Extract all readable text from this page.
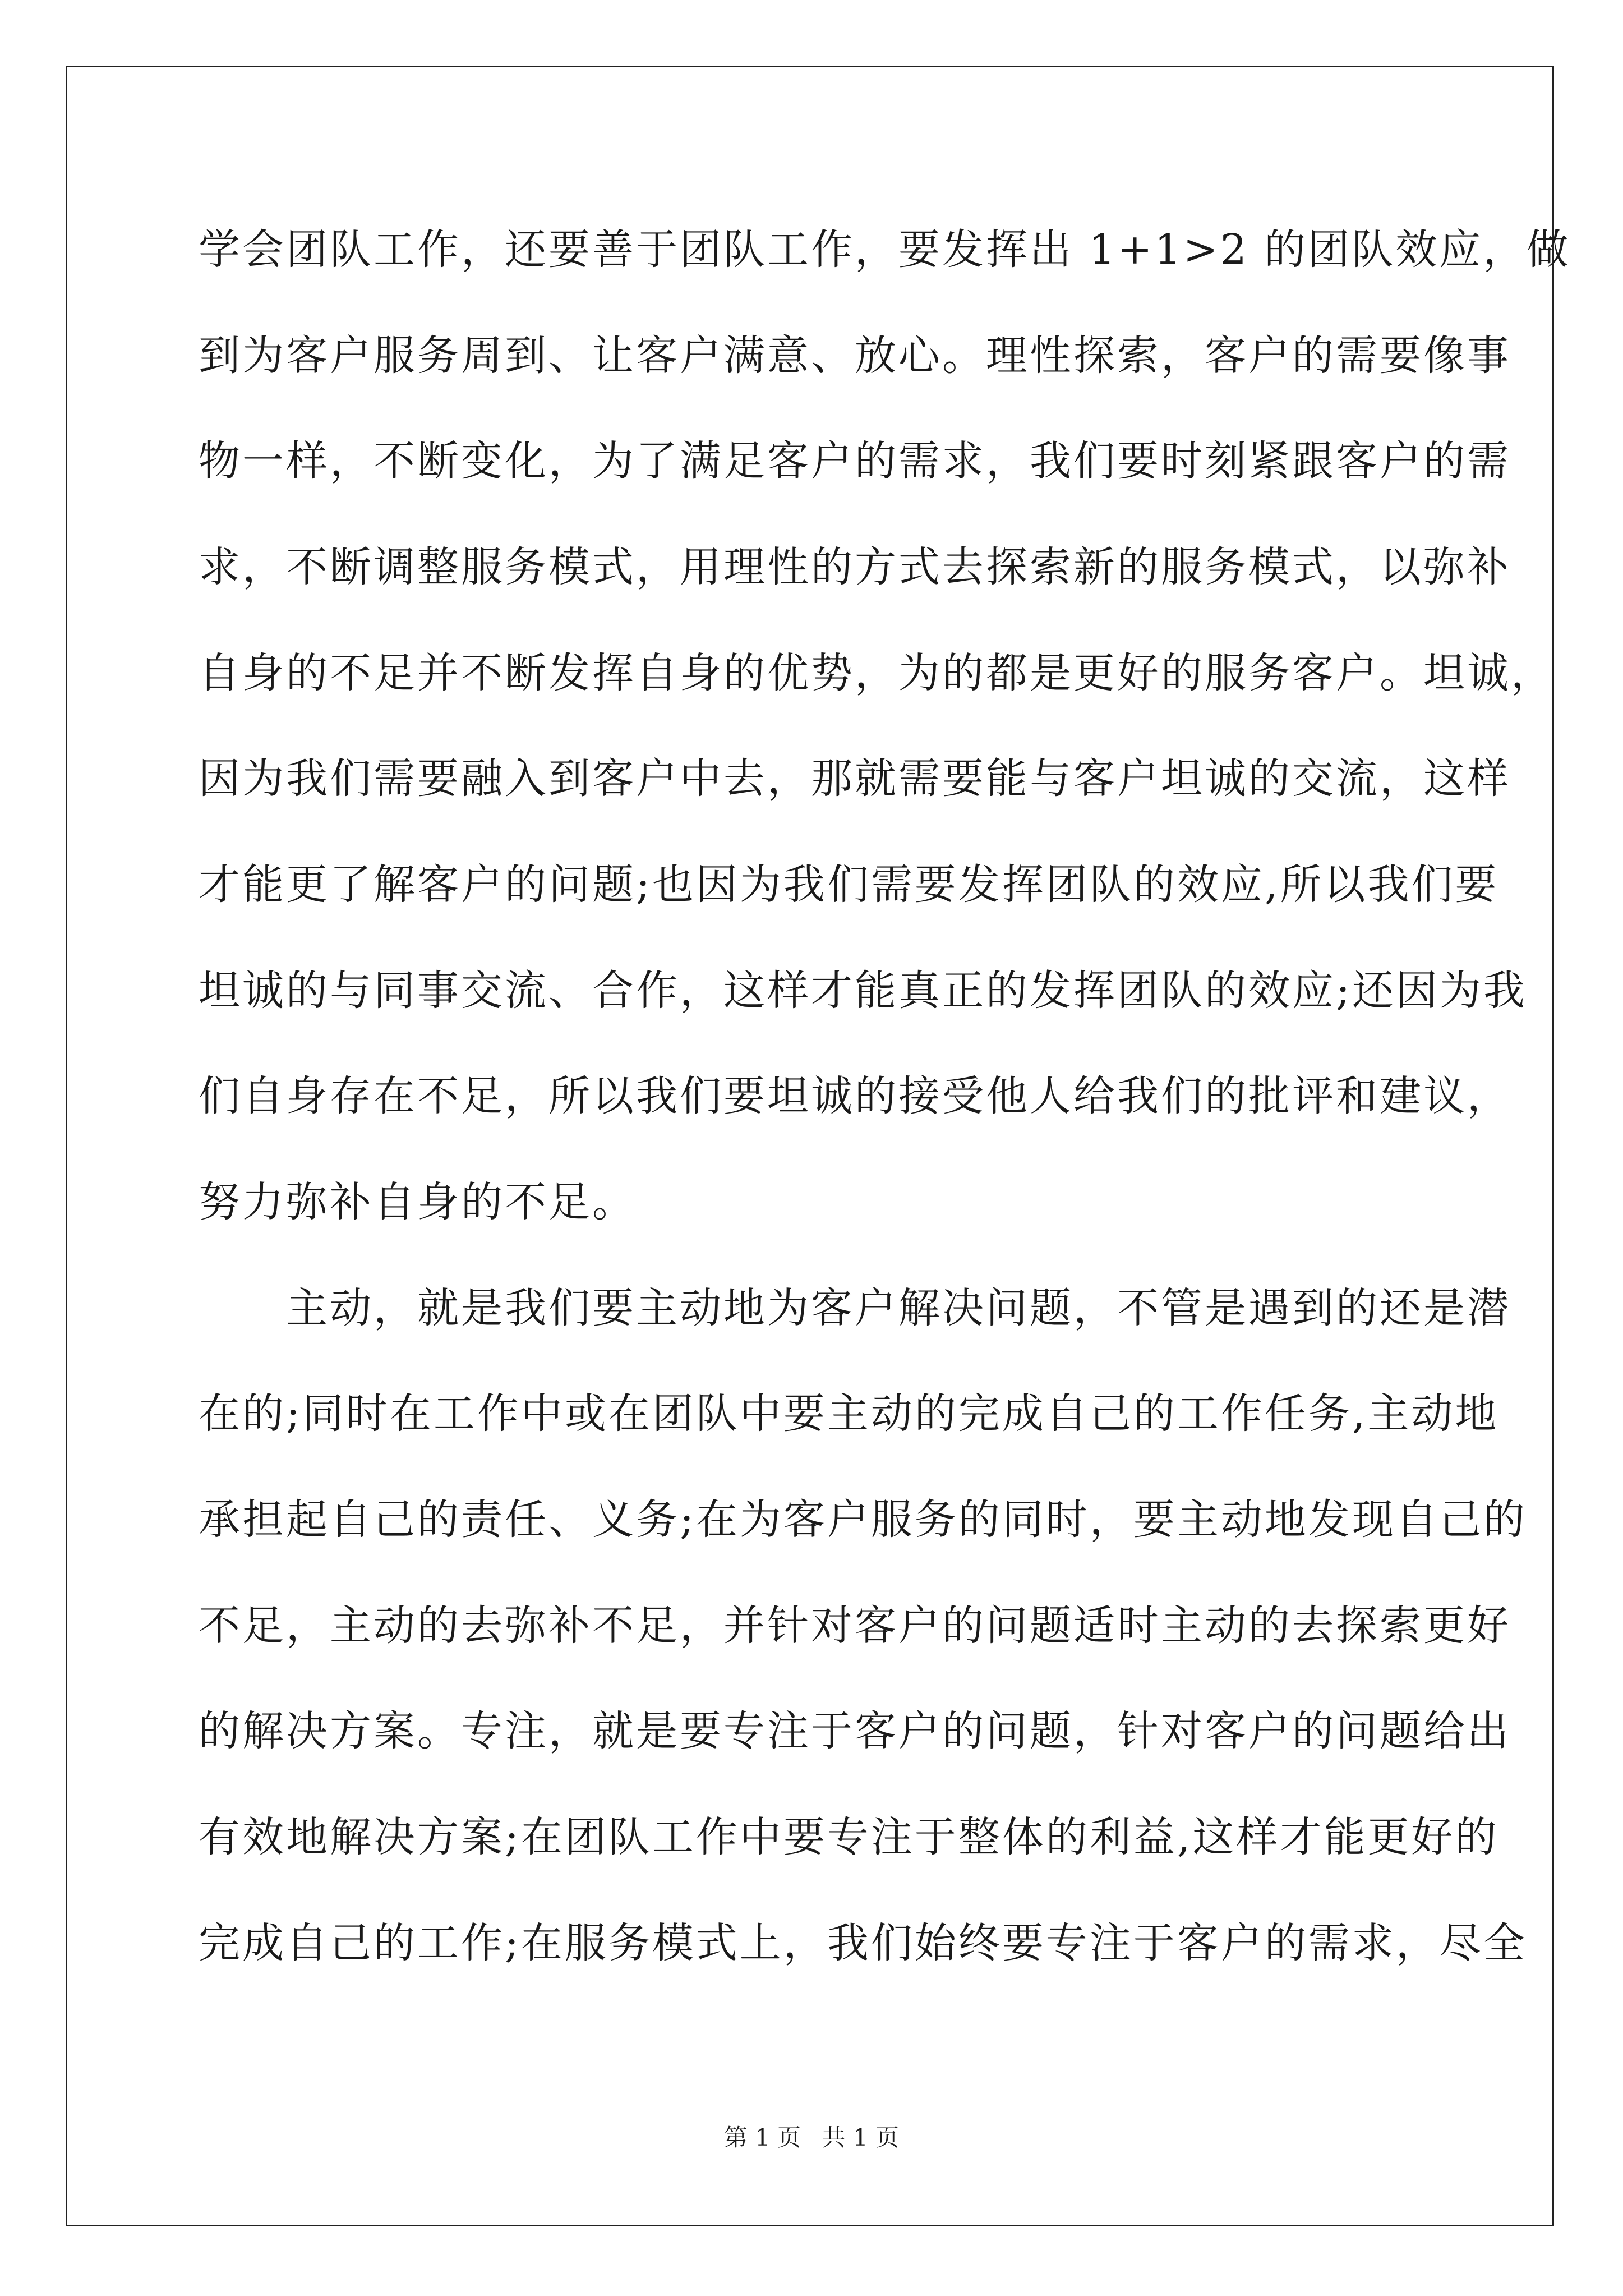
学会团队工作，还要善于团队工作，要发挥出 1+1>2 的团队效应，做
到为客户服务周到、让客户满意、放心。理性探索，客户的需要像事
物一样，不断变化，为了满足客户的需求，我们要时刻紧跟客户的需
求，不断调整服务模式，用理性的方式去探索新的服务模式，以弥补
自身的不足并不断发挥自身的优势，为的都是更好的服务客户。坦诚，
因为我们需要融入到客户中去，那就需要能与客户坦诚的交流，这样
才能更了解客户的问题;也因为我们需要发挥团队的效应,所以我们要
坦诚的与同事交流、合作，这样才能真正的发挥团队的效应;还因为我
们自身存在不足，所以我们要坦诚的接受他人给我们的批评和建议，
努力弥补自身的不足。
　　主动，就是我们要主动地为客户解决问题，不管是遇到的还是潜
在的;同时在工作中或在团队中要主动的完成自己的工作任务,主动地
承担起自己的责任、义务;在为客户服务的同时，要主动地发现自己的
不足，主动的去弥补不足，并针对客户的问题适时主动的去探索更好
的解决方案。专注，就是要专注于客户的问题，针对客户的问题给出
有效地解决方案;在团队工作中要专注于整体的利益,这样才能更好的
完成自己的工作;在服务模式上，我们始终要专注于客户的需求，尽全
第 1 页 共 1 页
